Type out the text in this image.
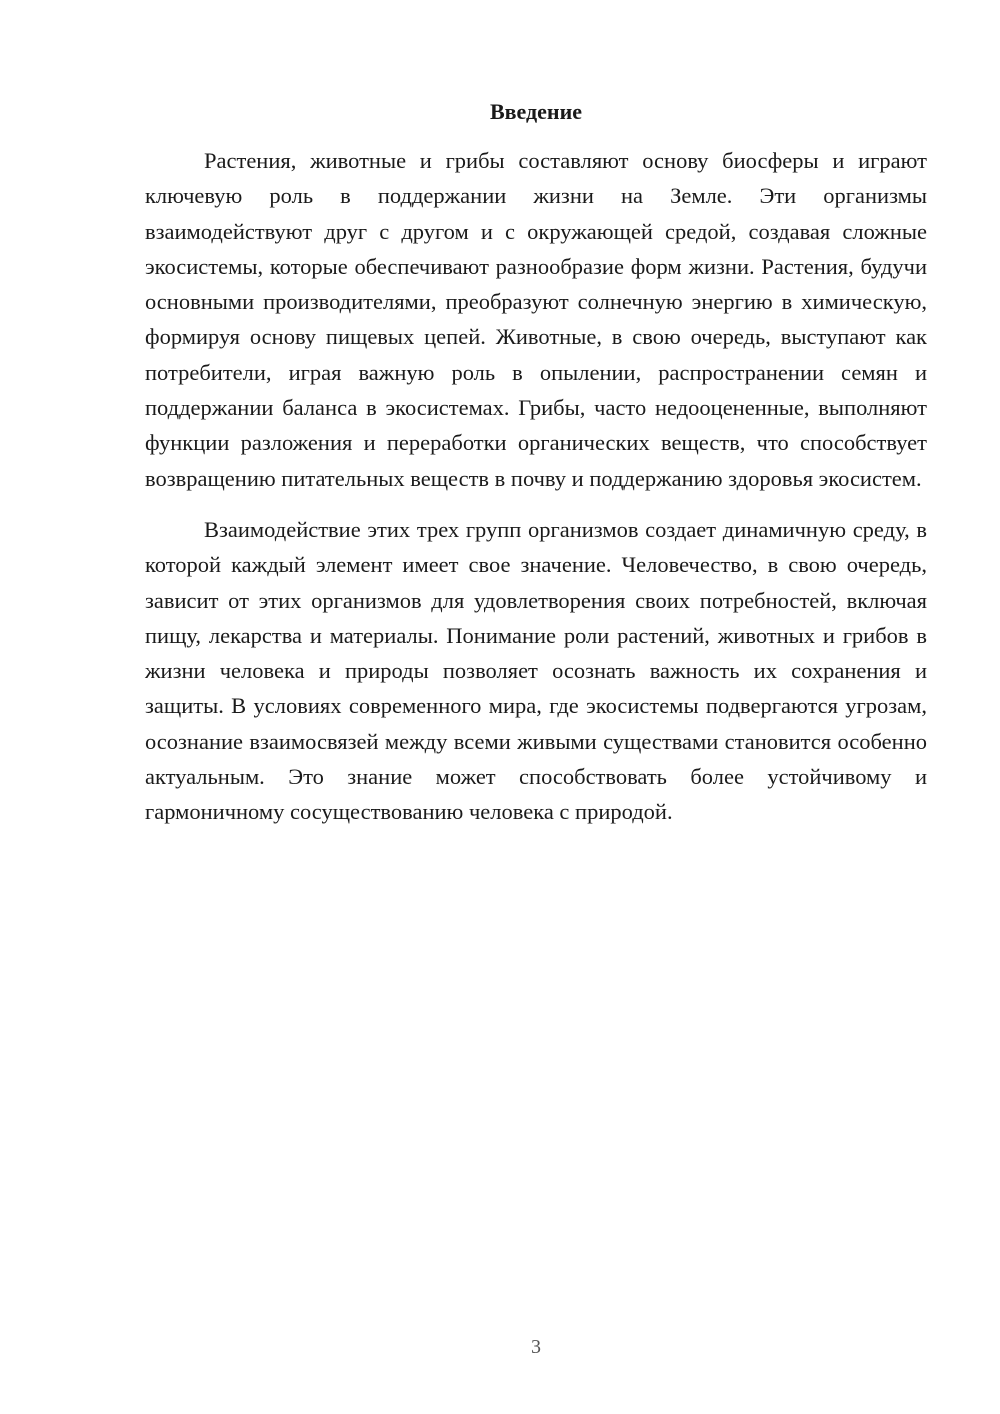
Введение

Растения, животные и грибы составляют основу биосферы и играют ключевую роль в поддержании жизни на Земле. Эти организмы взаимодействуют друг с другом и с окружающей средой, создавая сложные экосистемы, которые обеспечивают разнообразие форм жизни. Растения, будучи основными производителями, преобразуют солнечную энергию в химическую, формируя основу пищевых цепей. Животные, в свою очередь, выступают как потребители, играя важную роль в опылении, распространении семян и поддержании баланса в экосистемах. Грибы, часто недооцененные, выполняют функции разложения и переработки органических веществ, что способствует возвращению питательных веществ в почву и поддержанию здоровья экосистем.

Взаимодействие этих трех групп организмов создает динамичную среду, в которой каждый элемент имеет свое значение. Человечество, в свою очередь, зависит от этих организмов для удовлетворения своих потребностей, включая пищу, лекарства и материалы. Понимание роли растений, животных и грибов в жизни человека и природы позволяет осознать важность их сохранения и защиты. В условиях современного мира, где экосистемы подвергаются угрозам, осознание взаимосвязей между всеми живыми существами становится особенно актуальным. Это знание может способствовать более устойчивому и гармоничному сосуществованию человека с природой.

3
